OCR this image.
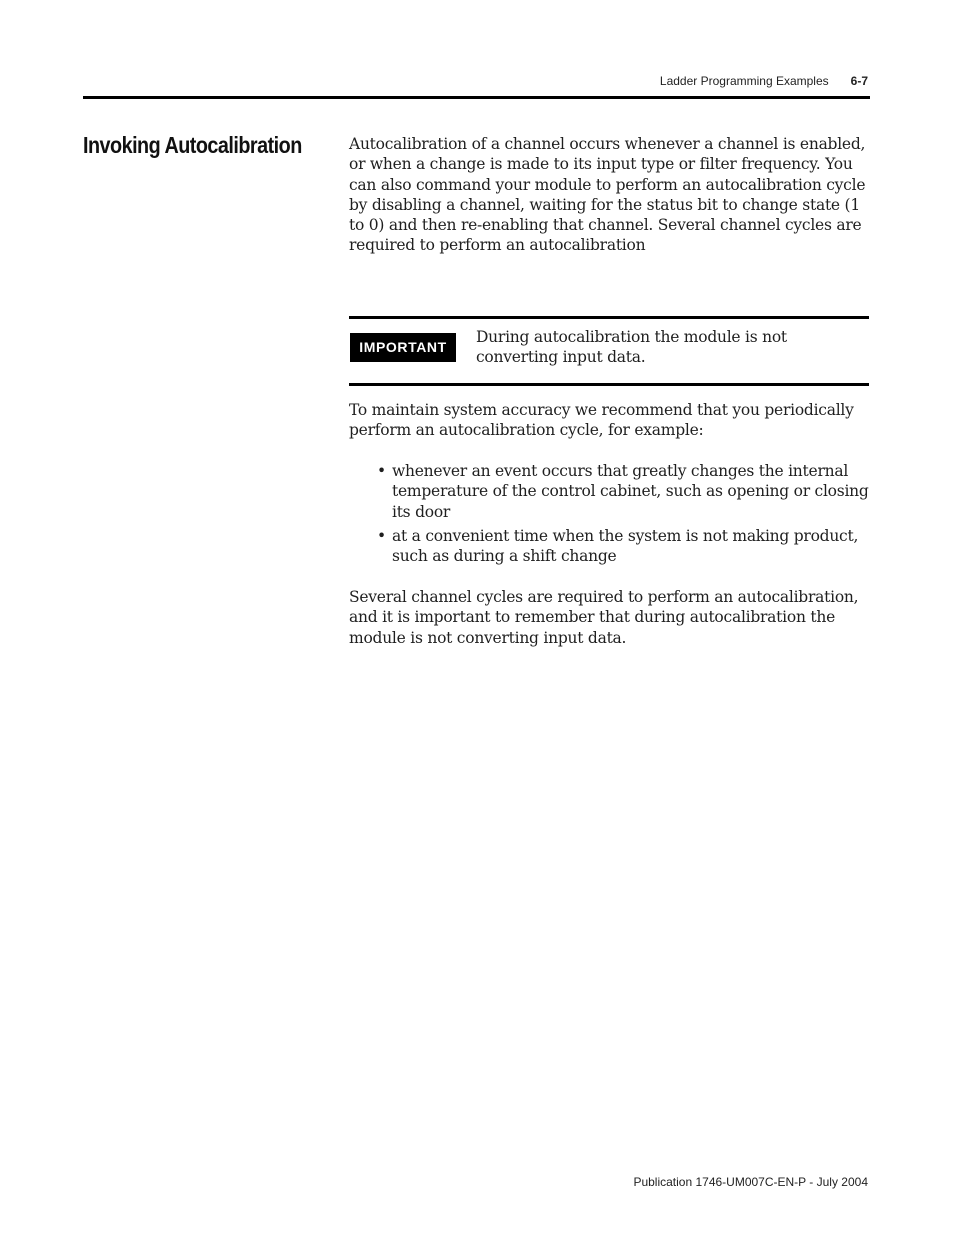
Ladder Programming Examples 6-7
Invoking Autocalibration	Autocalibration of a channel occurs whenever a channel is enabled, or when a change is made to its input type or filter frequency. You can also command your module to perform an autocalibration cycle by disabling a channel, waiting for the status bit to change state (1 to 0) and then re-enabling that channel. Several channel cycles are required to perform an autocalibration

IMPORTANT

During autocalibration the module is not converting input data.

To maintain system accuracy we recommend that you periodically perform an autocalibration cycle, for example:

• whenever an event occurs that greatly changes the internal temperature of the control cabinet, such as opening or closing its door
• at a convenient time when the system is not making product, such as during a shift change

Several channel cycles are required to perform an autocalibration, and it is important to remember that during autocalibration the module is not converting input data.

Publication 1746-UM007C-EN-P - July 2004
